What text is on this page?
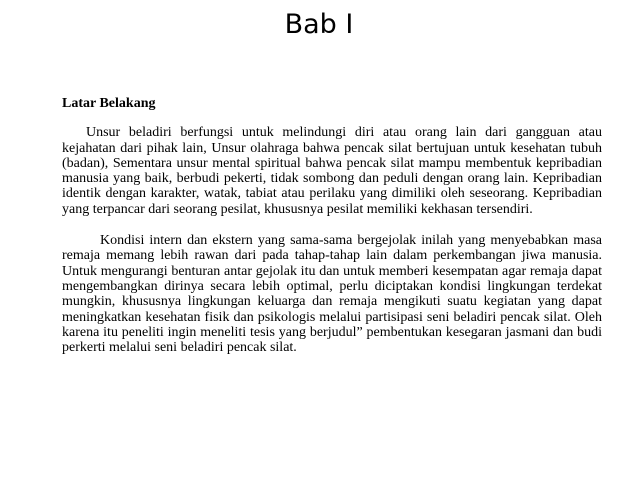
Bab I
Latar Belakang

Unsur beladiri berfungsi untuk melindungi diri atau orang lain dari gangguan atau kejahatan dari pihak lain, Unsur olahraga bahwa pencak silat bertujuan untuk kesehatan tubuh (badan), Sementara unsur mental spiritual bahwa pencak silat mampu membentuk kepribadian manusia yang baik, berbudi pekerti, tidak sombong dan peduli dengan orang lain. Kepribadian identik dengan karakter, watak, tabiat atau perilaku yang dimiliki oleh seseorang. Kepribadian yang terpancar dari seorang pesilat, khususnya pesilat memiliki kekhasan tersendiri.

Kondisi intern dan ekstern yang sama-sama bergejolak inilah yang menyebabkan masa remaja memang lebih rawan dari pada tahap-tahap lain dalam perkembangan jiwa manusia. Untuk mengurangi benturan antar gejolak itu dan untuk memberi kesempatan agar remaja dapat mengembangkan dirinya secara lebih optimal, perlu diciptakan kondisi lingkungan terdekat mungkin, khususnya lingkungan keluarga dan remaja mengikuti suatu kegiatan yang dapat meningkatkan kesehatan fisik dan psikologis melalui partisipasi seni beladiri pencak silat. Oleh karena itu peneliti ingin meneliti tesis yang berjudul” pembentukan kesegaran jasmani dan budi perkerti melalui seni beladiri pencak silat.
